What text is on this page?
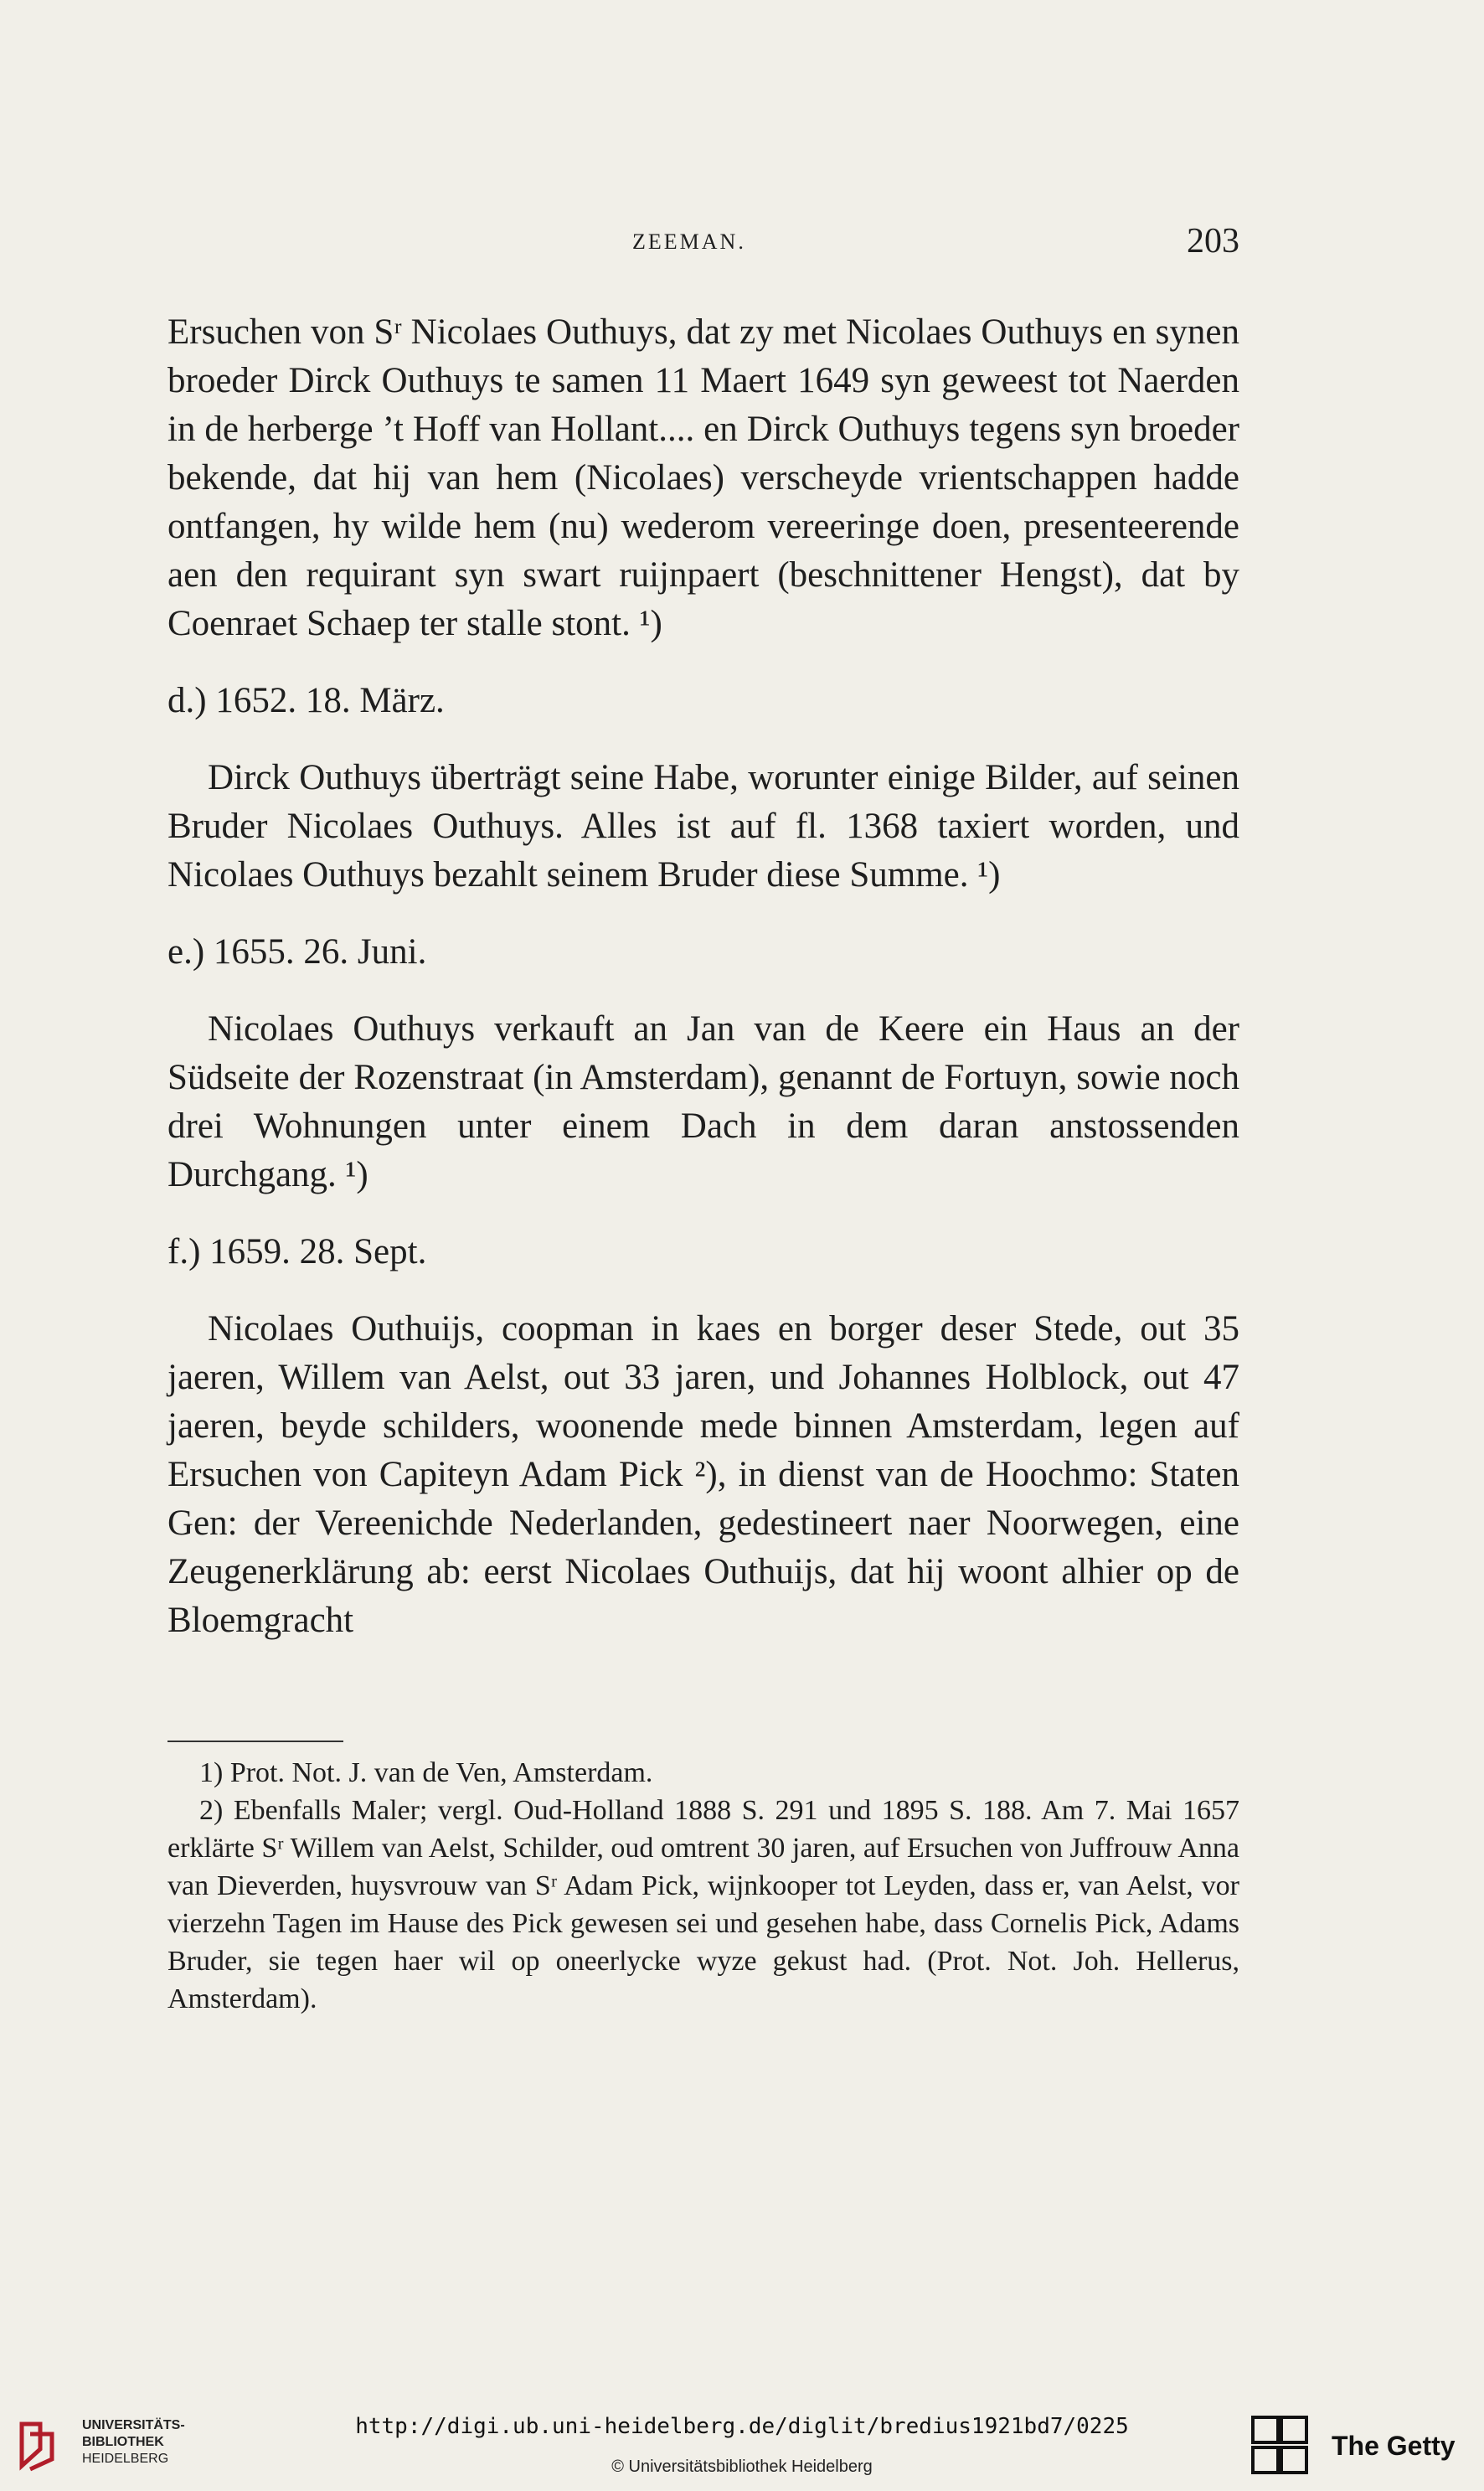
ZEEMAN.	203

Ersuchen von Sʳ Nicolaes Outhuys, dat zy met Nicolaes Outhuys en synen broeder Dirck Outhuys te samen 11 Maert 1649 syn geweest tot Naerden in de herberge ’t Hoff van Hollant.... en Dirck Outhuys tegens syn broeder bekende, dat hij van hem (Nicolaes) verscheyde vrientschappen hadde ontfangen, hy wilde hem (nu) wederom vereeringe doen, presenteerende aen den requirant syn swart ruijnpaert (beschnittener Hengst), dat by Coenraet Schaep ter stalle stont. ¹)

d.) 1652. 18. März.

Dirck Outhuys überträgt seine Habe, worunter einige Bilder, auf seinen Bruder Nicolaes Outhuys. Alles ist auf fl. 1368 taxiert worden, und Nicolaes Outhuys bezahlt seinem Bruder diese Summe. ¹)

e.) 1655. 26. Juni.

Nicolaes Outhuys verkauft an Jan van de Keere ein Haus an der Südseite der Rozenstraat (in Amsterdam), genannt de Fortuyn, sowie noch drei Wohnungen unter einem Dach in dem daran anstossenden Durchgang. ¹)

f.) 1659. 28. Sept.

Nicolaes Outhuijs, coopman in kaes en borger deser Stede, out 35 jaeren, Willem van Aelst, out 33 jaren, und Johannes Holblock, out 47 jaeren, beyde schilders, woonende mede binnen Amsterdam, legen auf Ersuchen von Capiteyn Adam Pick ²), in dienst van de Hoochmo: Staten Gen: der Vereenichde Nederlanden, gedestineert naer Noorwegen, eine Zeugenerklärung ab: eerst Nicolaes Outhuijs, dat hij woont alhier op de Bloemgracht

1) Prot. Not. J. van de Ven, Amsterdam.

2) Ebenfalls Maler; vergl. Oud-Holland 1888 S. 291 und 1895 S. 188. Am 7. Mai 1657 erklärte Sʳ Willem van Aelst, Schilder, oud omtrent 30 jaren, auf Ersuchen von Juffrouw Anna van Dieverden, huysvrouw van Sʳ Adam Pick, wijnkooper tot Leyden, dass er, van Aelst, vor vierzehn Tagen im Hause des Pick gewesen sei und gesehen habe, dass Cornelis Pick, Adams Bruder, sie tegen haer wil op oneerlycke wyze gekust had. (Prot. Not. Joh. Hellerus, Amsterdam).

UNIVERSITÄTS-
BIBLIOTHEK
HEIDELBERG
http://digi.ub.uni-heidelberg.de/diglit/bredius1921bd7/0225
© Universitätsbibliothek Heidelberg
The Getty
